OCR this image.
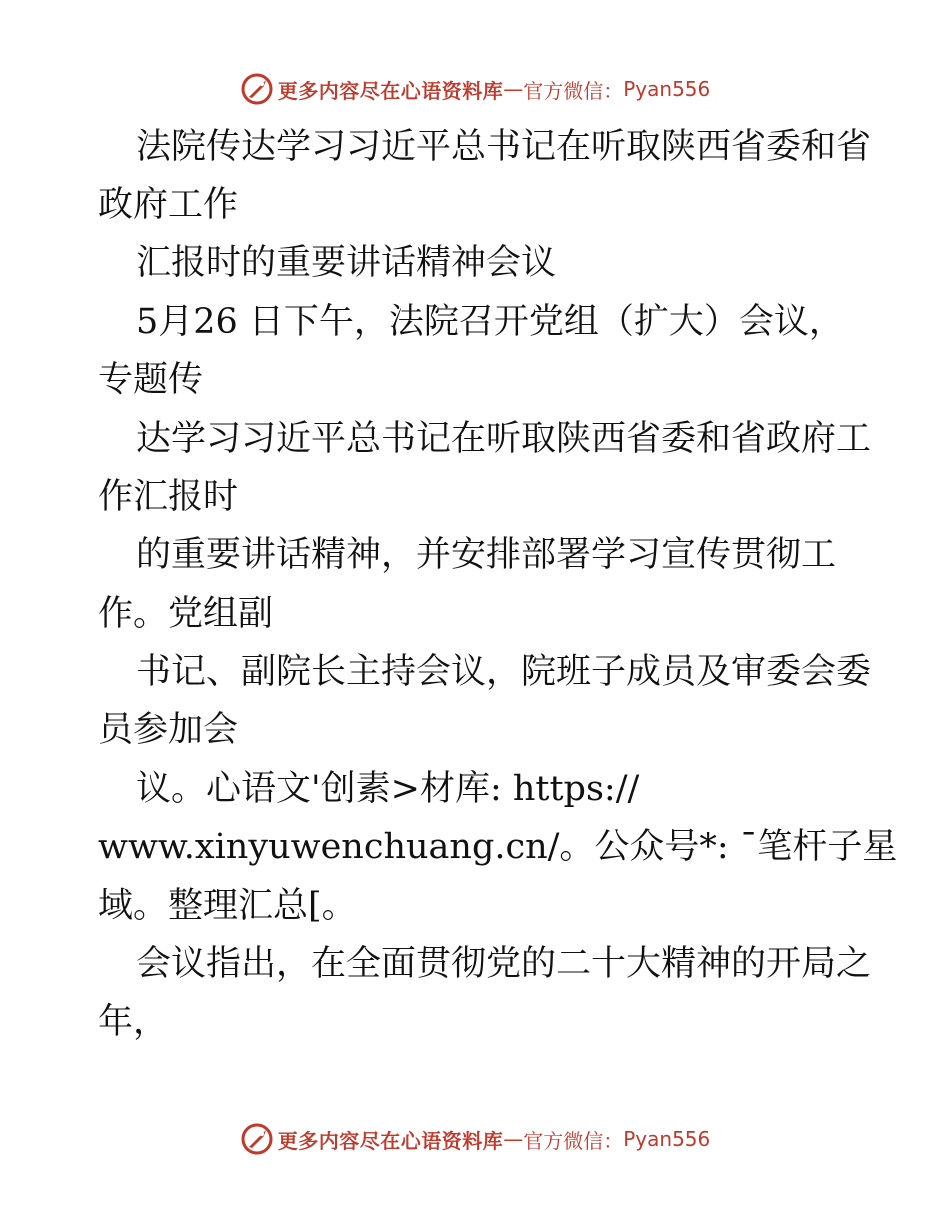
更多内容尽在心语资料库 — 官方微信： Pyan556
法院传达学习习近平总书记在听取陕西省委和省
政府工作
汇报时的重要讲话精神会议
5月26 日下午，法院召开党组（扩大）会议，
专题传
达学习习近平总书记在听取陕西省委和省政府工
作汇报时
的重要讲话精神，并安排部署学习宣传贯彻工
作。党组副
书记、副院长主持会议，院班子成员及审委会委
员参加会
议。心语文'创素>材库: https://
www.xinyuwenchuang.cn/。公众号*: ¯笔杆子星
域。整理汇总[。
会议指出，在全面贯彻党的二十大精神的开局之
年，
更多内容尽在心语资料库 — 官方微信： Pyan556
